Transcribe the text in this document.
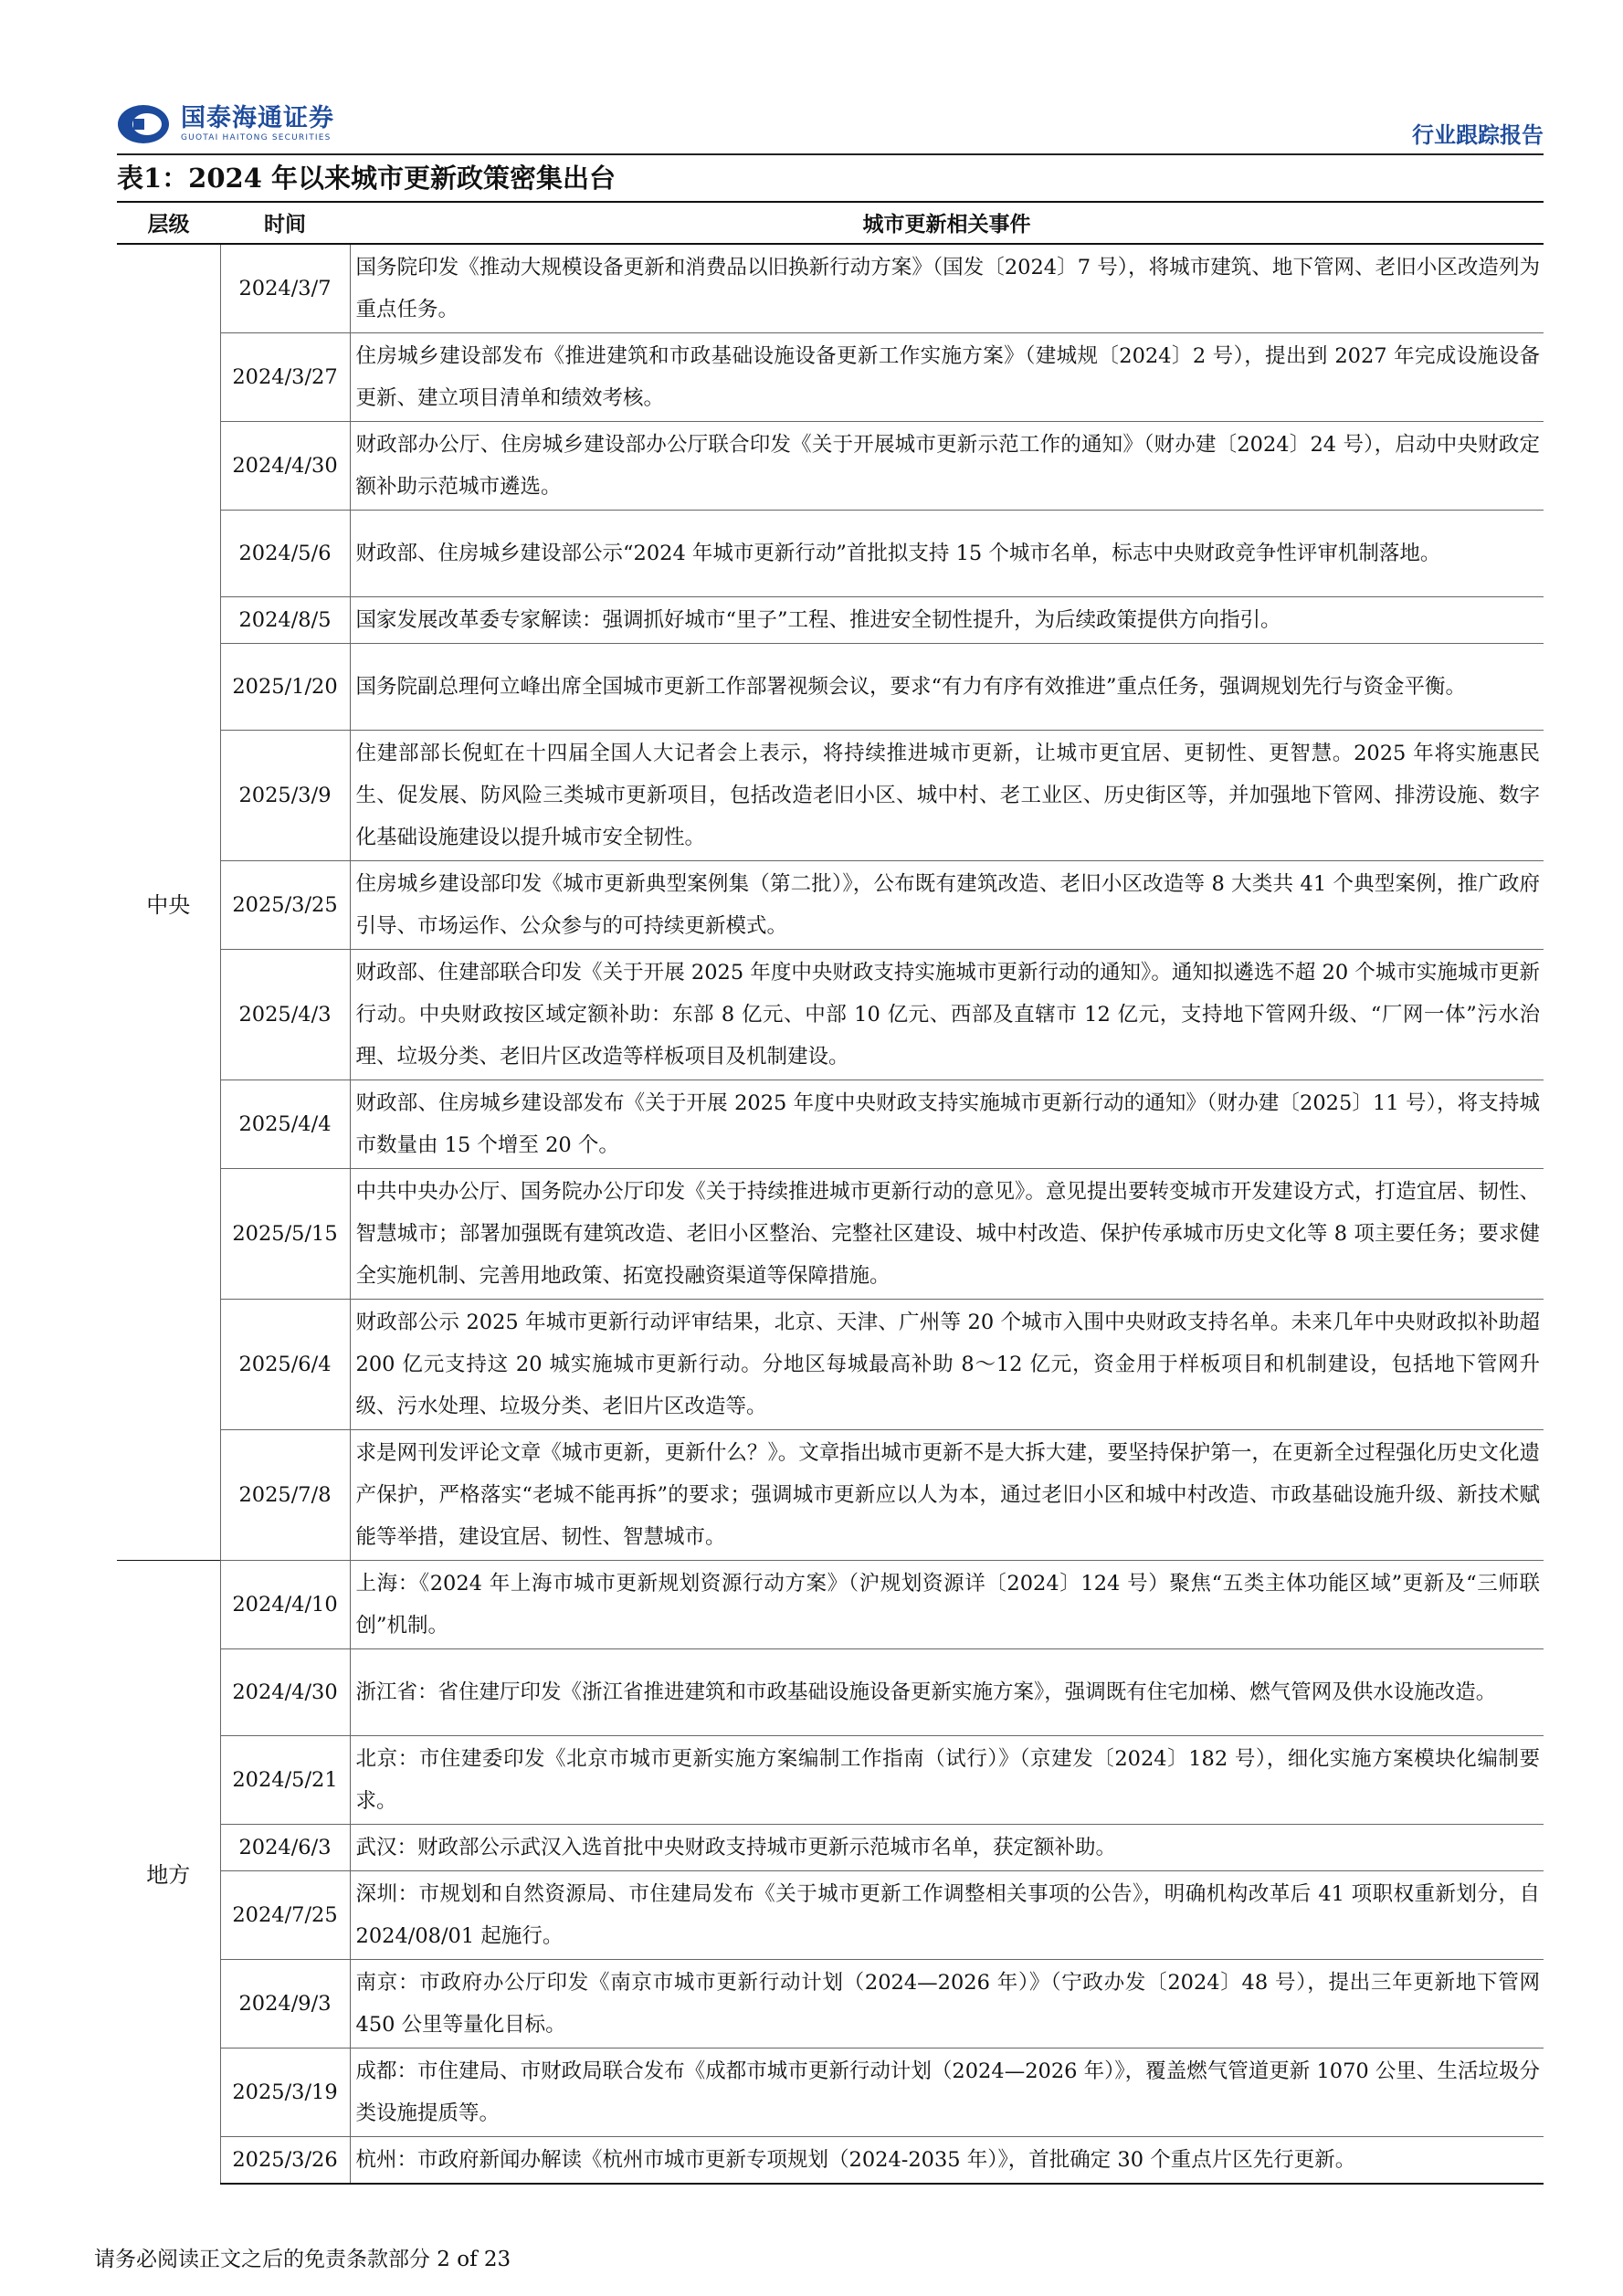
国泰海通证券
GUOTAI HAITONG SECURITIES	行业跟踪报告
表1：2024 年以来城市更新政策密集出台
层级	时间	城市更新相关事件
中央	2024/3/7	国务院印发《推动大规模设备更新和消费品以旧换新行动方案》（国发〔2024〕7 号），将城市建筑、地下管网、老旧小区改造列为重点任务。
	2024/3/27	住房城乡建设部发布《推进建筑和市政基础设施设备更新工作实施方案》（建城规〔2024〕2 号），提出到 2027 年完成设施设备更新、建立项目清单和绩效考核。
	2024/4/30	财政部办公厅、住房城乡建设部办公厅联合印发《关于开展城市更新示范工作的通知》（财办建〔2024〕24 号），启动中央财政定额补助示范城市遴选。
	2024/5/6	财政部、住房城乡建设部公示“2024 年城市更新行动”首批拟支持 15 个城市名单，标志中央财政竞争性评审机制落地。
	2024/8/5	国家发展改革委专家解读：强调抓好城市“里子”工程、推进安全韧性提升，为后续政策提供方向指引。
	2025/1/20	国务院副总理何立峰出席全国城市更新工作部署视频会议，要求“有力有序有效推进”重点任务，强调规划先行与资金平衡。
	2025/3/9	住建部部长倪虹在十四届全国人大记者会上表示，将持续推进城市更新，让城市更宜居、更韧性、更智慧。2025 年将实施惠民生、促发展、防风险三类城市更新项目，包括改造老旧小区、城中村、老工业区、历史街区等，并加强地下管网、排涝设施、数字化基础设施建设以提升城市安全韧性。
	2025/3/25	住房城乡建设部印发《城市更新典型案例集（第二批）》，公布既有建筑改造、老旧小区改造等 8 大类共 41 个典型案例，推广政府引导、市场运作、公众参与的可持续更新模式。
	2025/4/3	财政部、住建部联合印发《关于开展 2025 年度中央财政支持实施城市更新行动的通知》。通知拟遴选不超 20 个城市实施城市更新行动。中央财政按区域定额补助：东部 8 亿元、中部 10 亿元、西部及直辖市 12 亿元，支持地下管网升级、“厂网一体”污水治理、垃圾分类、老旧片区改造等样板项目及机制建设。
	2025/4/4	财政部、住房城乡建设部发布《关于开展 2025 年度中央财政支持实施城市更新行动的通知》（财办建〔2025〕11 号），将支持城市数量由 15 个增至 20 个。
	2025/5/15	中共中央办公厅、国务院办公厅印发《关于持续推进城市更新行动的意见》。意见提出要转变城市开发建设方式，打造宜居、韧性、智慧城市；部署加强既有建筑改造、老旧小区整治、完整社区建设、城中村改造、保护传承城市历史文化等 8 项主要任务；要求健全实施机制、完善用地政策、拓宽投融资渠道等保障措施。
	2025/6/4	财政部公示 2025 年城市更新行动评审结果，北京、天津、广州等 20 个城市入围中央财政支持名单。未来几年中央财政拟补助超 200 亿元支持这 20 城实施城市更新行动。分地区每城最高补助 8～12 亿元，资金用于样板项目和机制建设，包括地下管网升级、污水处理、垃圾分类、老旧片区改造等。
	2025/7/8	求是网刊发评论文章《城市更新，更新什么？》。文章指出城市更新不是大拆大建，要坚持保护第一，在更新全过程强化历史文化遗产保护，严格落实“老城不能再拆”的要求；强调城市更新应以人为本，通过老旧小区和城中村改造、市政基础设施升级、新技术赋能等举措，建设宜居、韧性、智慧城市。
地方	2024/4/10	上海：《2024 年上海市城市更新规划资源行动方案》（沪规划资源详〔2024〕124 号）聚焦“五类主体功能区域”更新及“三师联创”机制。
	2024/4/30	浙江省：省住建厅印发《浙江省推进建筑和市政基础设施设备更新实施方案》，强调既有住宅加梯、燃气管网及供水设施改造。
	2024/5/21	北京：市住建委印发《北京市城市更新实施方案编制工作指南（试行）》（京建发〔2024〕182 号），细化实施方案模块化编制要求。
	2024/6/3	武汉：财政部公示武汉入选首批中央财政支持城市更新示范城市名单，获定额补助。
	2024/7/25	深圳：市规划和自然资源局、市住建局发布《关于城市更新工作调整相关事项的公告》，明确机构改革后 41 项职权重新划分，自 2024/08/01 起施行。
	2024/9/3	南京：市政府办公厅印发《南京市城市更新行动计划（2024—2026 年）》（宁政办发〔2024〕48 号），提出三年更新地下管网 450 公里等量化目标。
	2025/3/19	成都：市住建局、市财政局联合发布《成都市城市更新行动计划（2024—2026 年）》，覆盖燃气管道更新 1070 公里、生活垃圾分类设施提质等。
	2025/3/26	杭州：市政府新闻办解读《杭州市城市更新专项规划（2024-2035 年）》，首批确定 30 个重点片区先行更新。
请务必阅读正文之后的免责条款部分 2 of 23
